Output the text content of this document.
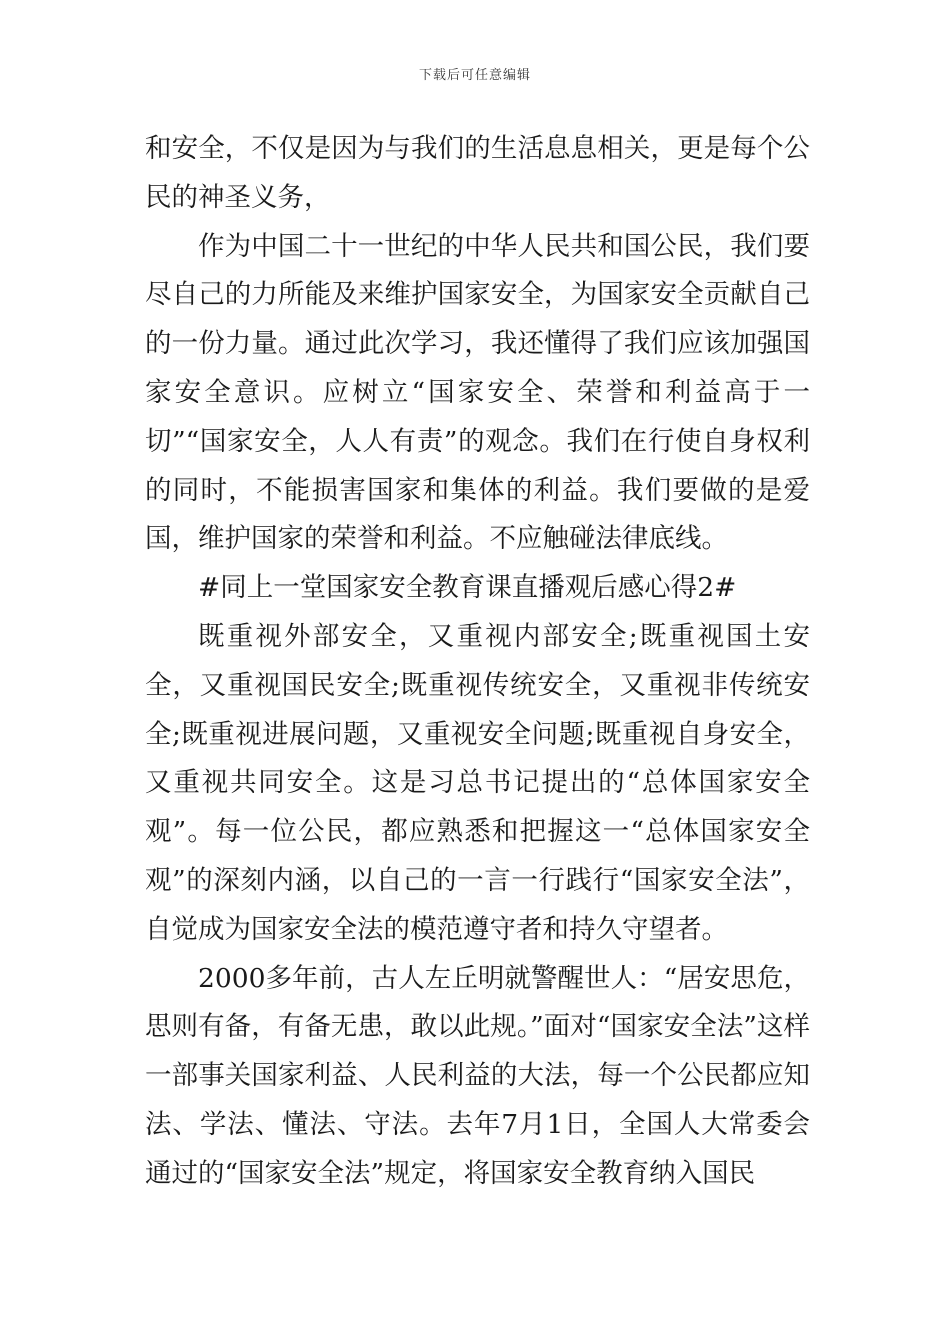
下载后可任意编辑

和安全，不仅是因为与我们的生活息息相关，更是每个公民的神圣义务，

作为中国二十一世纪的中华人民共和国公民，我们要尽自己的力所能及来维护国家安全，为国家安全贡献自己的一份力量。通过此次学习，我还懂得了我们应该加强国家安全意识。应树立“国家安全、荣誉和利益高于一切”“国家安全，人人有责”的观念。我们在行使自身权利的同时，不能损害国家和集体的利益。我们要做的是爱国，维护国家的荣誉和利益。不应触碰法律底线。

#同上一堂国家安全教育课直播观后感心得2#

既重视外部安全，又重视内部安全;既重视国土安全，又重视国民安全;既重视传统安全，又重视非传统安全;既重视进展问题，又重视安全问题;既重视自身安全，又重视共同安全。这是习总书记提出的“总体国家安全观”。每一位公民，都应熟悉和把握这一“总体国家安全观”的深刻内涵，以自己的一言一行践行“国家安全法”，自觉成为国家安全法的模范遵守者和持久守望者。

2000多年前，古人左丘明就警醒世人：“居安思危，思则有备，有备无患，敢以此规。”面对“国家安全法”这样一部事关国家利益、人民利益的大法，每一个公民都应知法、学法、懂法、守法。去年7月1日，全国人大常委会通过的“国家安全法”规定，将国家安全教育纳入国民
